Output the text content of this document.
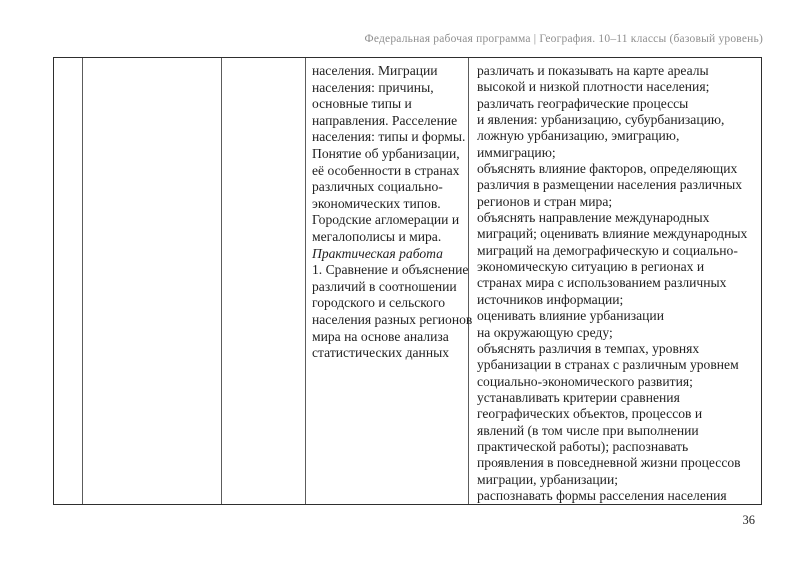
Федеральная рабочая программа | География. 10–11 классы (базовый уровень)
населения. Миграции
населения: причины,
основные типы и
направления. Расселение
населения: типы и формы.
Понятие об урбанизации,
её особенности в странах
различных социально-
экономических типов.
Городские агломерации и
мегалополисы и мира.
Практическая работа
1. Сравнение и объяснение
различий в соотношении
городского и сельского
населения разных регионов
мира на основе анализа
статистических данных
различать и показывать на карте ареалы
высокой и низкой плотности населения;
различать географические процессы
и явления: урбанизацию, субурбанизацию,
ложную урбанизацию, эмиграцию,
иммиграцию;
объяснять влияние факторов, определяющих
различия в размещении населения различных
регионов и стран мира;
объяснять направление международных
миграций; оценивать влияние международных
миграций на демографическую и социально-
экономическую ситуацию в регионах и
странах мира с использованием различных
источников информации;
оценивать влияние урбанизации
на окружающую среду;
объяснять различия в темпах, уровнях
урбанизации в странах с различным уровнем
социально-экономического развития;
устанавливать критерии сравнения
географических объектов, процессов и
явлений (в том числе при выполнении
практической работы); распознавать
проявления в повседневной жизни процессов
миграции, урбанизации;
распознавать формы расселения населения
36
